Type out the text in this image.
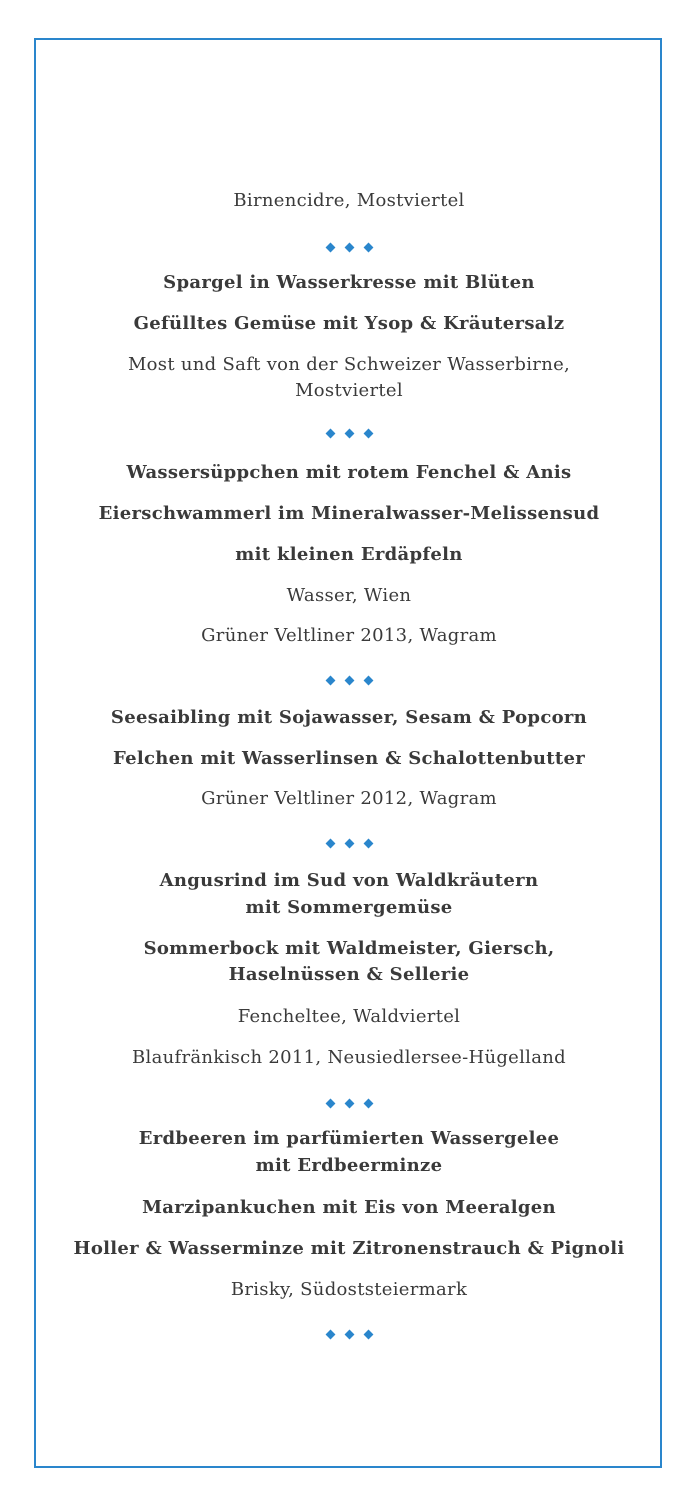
Birnencidre, Mostviertel
Spargel in Wasserkresse mit Blüten
Gefülltes Gemüse mit Ysop & Kräutersalz
Most und Saft von der Schweizer Wasserbirne,
Mostviertel
Wassersüppchen mit rotem Fenchel & Anis
Eierschwammerl im Mineralwasser-Melissensud
mit kleinen Erdäpfeln
Wasser, Wien
Grüner Veltliner 2013, Wagram
Seesaibling mit Sojawasser, Sesam & Popcorn
Felchen mit Wasserlinsen & Schalottenbutter
Grüner Veltliner 2012, Wagram
Angusrind im Sud von Waldkräutern
mit Sommergemüse
Sommerbock mit Waldmeister, Giersch,
Haselnüssen & Sellerie
Fencheltee, Waldviertel
Blaufränkisch 2011, Neusiedlersee-Hügelland
Erdbeeren im parfümierten Wassergelee
mit Erdbeerminze
Marzipankuchen mit Eis von Meeralgen
Holler & Wasserminze mit Zitronenstrauch & Pignoli
Brisky, Südoststeiermark
